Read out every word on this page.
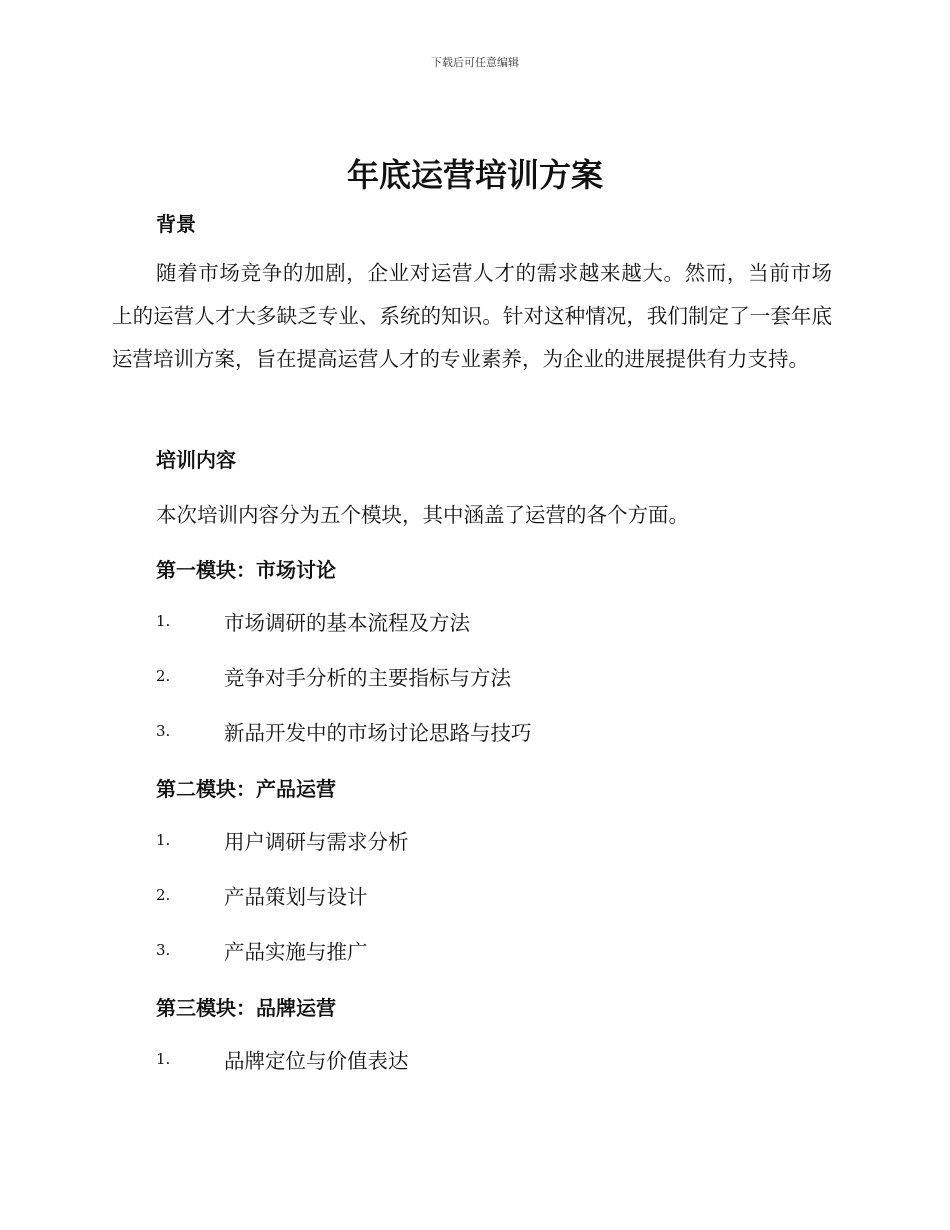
下载后可任意编辑
年底运营培训方案
背景
随着市场竞争的加剧，企业对运营人才的需求越来越大。然而，当前市场上的运营人才大多缺乏专业、系统的知识。针对这种情况，我们制定了一套年底运营培训方案，旨在提高运营人才的专业素养，为企业的进展提供有力支持。
培训内容
本次培训内容分为五个模块，其中涵盖了运营的各个方面。
第一模块：市场讨论
1.	市场调研的基本流程及方法
2.	竞争对手分析的主要指标与方法
3.	新品开发中的市场讨论思路与技巧
第二模块：产品运营
1.	用户调研与需求分析
2.	产品策划与设计
3.	产品实施与推广
第三模块：品牌运营
1.	品牌定位与价值表达
